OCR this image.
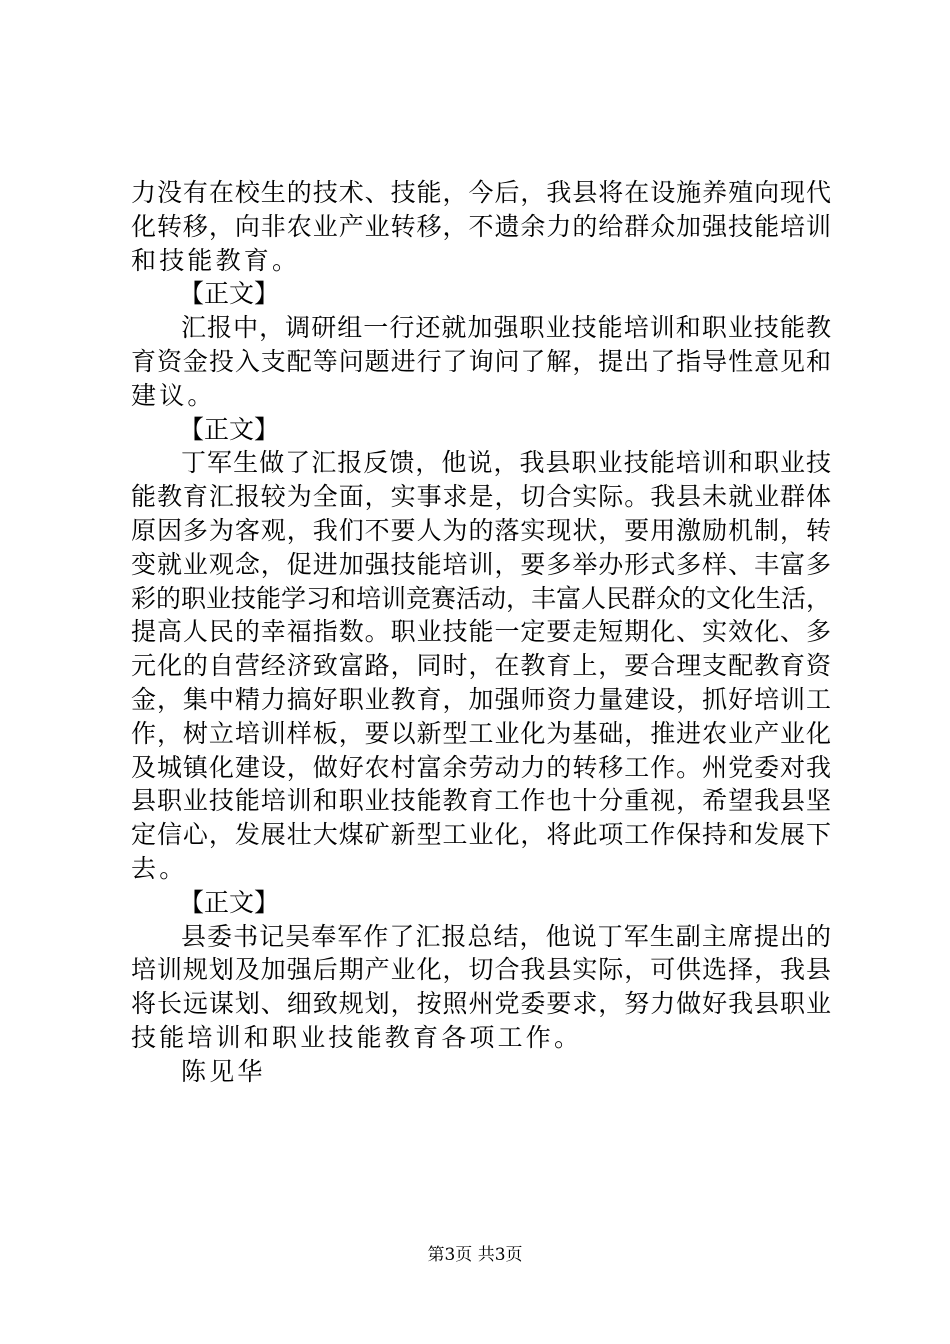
力没有在校生的技术、技能，今后，我县将在设施养殖向现代
化转移，向非农业产业转移，不遗余力的给群众加强技能培训
和技能教育。
【正文】
汇报中，调研组一行还就加强职业技能培训和职业技能教
育资金投入支配等问题进行了询问了解，提出了指导性意见和
建议。
【正文】
丁军生做了汇报反馈，他说，我县职业技能培训和职业技
能教育汇报较为全面，实事求是，切合实际。我县未就业群体
原因多为客观，我们不要人为的落实现状，要用激励机制，转
变就业观念，促进加强技能培训，要多举办形式多样、丰富多
彩的职业技能学习和培训竞赛活动，丰富人民群众的文化生活，
提高人民的幸福指数。职业技能一定要走短期化、实效化、多
元化的自营经济致富路，同时，在教育上，要合理支配教育资
金，集中精力搞好职业教育，加强师资力量建设，抓好培训工
作，树立培训样板，要以新型工业化为基础，推进农业产业化
及城镇化建设，做好农村富余劳动力的转移工作。州党委对我
县职业技能培训和职业技能教育工作也十分重视，希望我县坚
定信心，发展壮大煤矿新型工业化，将此项工作保持和发展下
去。
【正文】
县委书记吴奉军作了汇报总结，他说丁军生副主席提出的
培训规划及加强后期产业化，切合我县实际，可供选择，我县
将长远谋划、细致规划，按照州党委要求，努力做好我县职业
技能培训和职业技能教育各项工作。
陈见华
第3页 共3页
